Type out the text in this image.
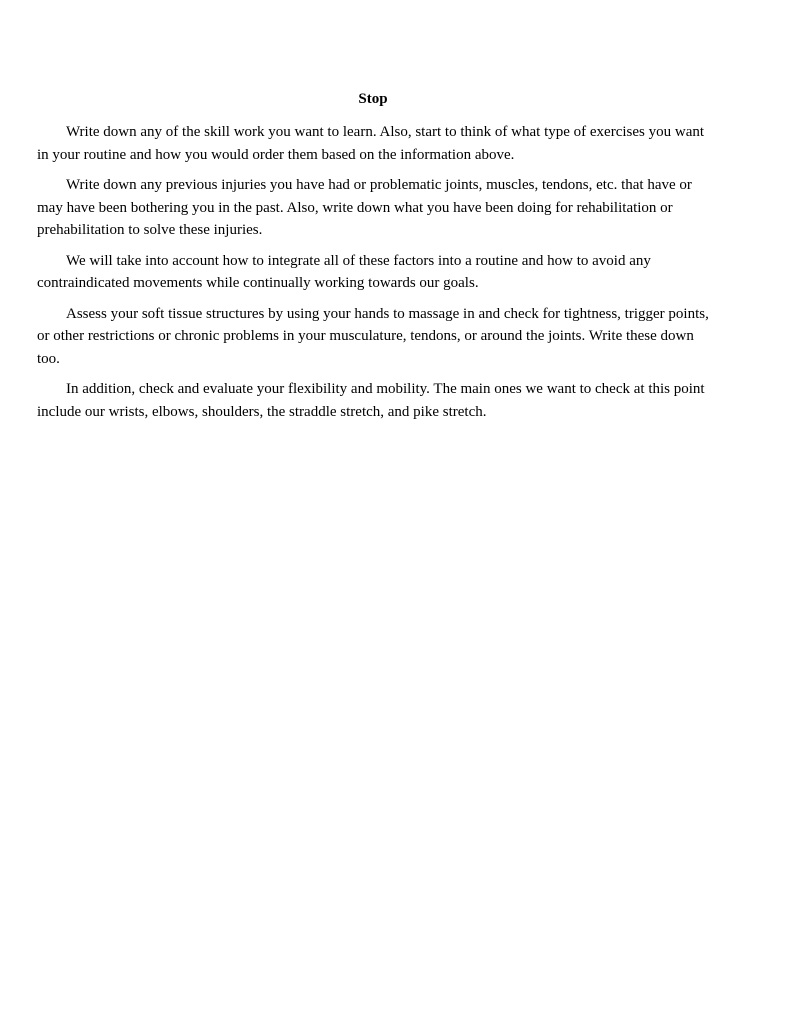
Stop

Write down any of the skill work you want to learn. Also, start to think of what type of exercises you want in your routine and how you would order them based on the information above.

Write down any previous injuries you have had or problematic joints, muscles, tendons, etc. that have or may have been bothering you in the past. Also, write down what you have been doing for rehabilitation or prehabilitation to solve these injuries.

We will take into account how to integrate all of these factors into a routine and how to avoid any contraindicated movements while continually working towards our goals.

Assess your soft tissue structures by using your hands to massage in and check for tightness, trigger points, or other restrictions or chronic problems in your musculature, tendons, or around the joints. Write these down too.

In addition, check and evaluate your flexibility and mobility. The main ones we want to check at this point include our wrists, elbows, shoulders, the straddle stretch, and pike stretch.
